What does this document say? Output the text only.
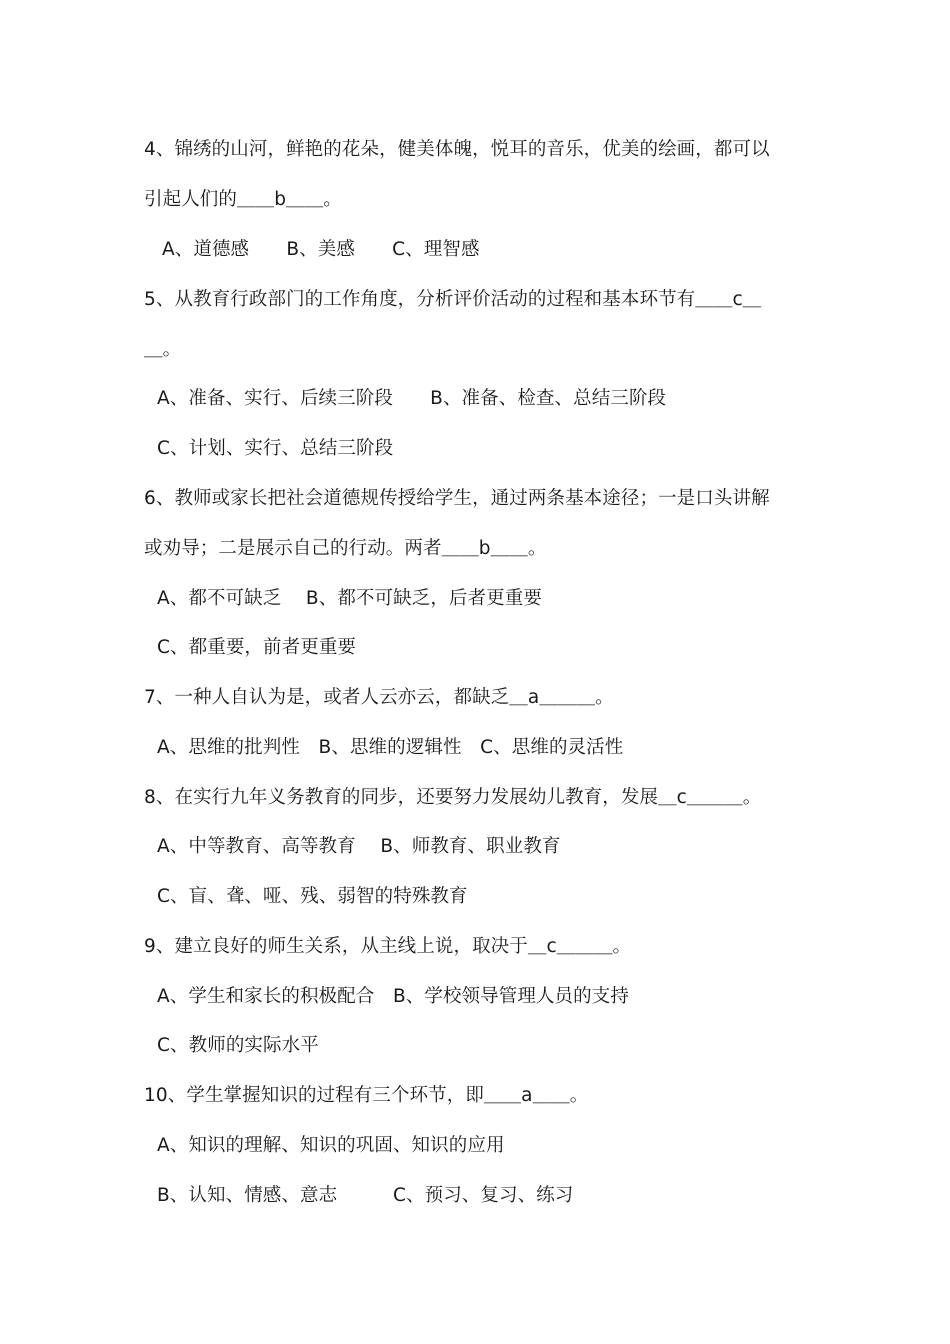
4、锦绣的山河，鲜艳的花朵，健美体魄，悦耳的音乐，优美的绘画，都可以
引起人们的＿＿b＿＿。
A、道德感　　B、美感　　C、理智感
5、从教育行政部门的工作角度，分析评价活动的过程和基本环节有＿＿c＿
＿。
A、准备、实行、后续三阶段　　B、准备、检查、总结三阶段
C、计划、实行、总结三阶段
6、教师或家长把社会道德规传授给学生，通过两条基本途径；一是口头讲解
或劝导；二是展示自己的行动。两者＿＿b＿＿。
A、都不可缺乏　 B、都不可缺乏，后者更重要
C、都重要，前者更重要
7、一种人自认为是，或者人云亦云，都缺乏＿a＿＿＿。
A、思维的批判性　B、思维的逻辑性　C、思维的灵活性
8、在实行九年义务教育的同步，还要努力发展幼儿教育，发展＿c＿＿＿。
A、中等教育、高等教育　 B、师教育、职业教育
C、盲、聋、哑、残、弱智的特殊教育
9、建立良好的师生关系，从主线上说，取决于＿c＿＿＿。
A、学生和家长的积极配合　B、学校领导管理人员的支持
C、教师的实际水平
10、学生掌握知识的过程有三个环节，即＿＿a＿＿。
A、知识的理解、知识的巩固、知识的应用
B、认知、情感、意志　　　C、预习、复习、练习
